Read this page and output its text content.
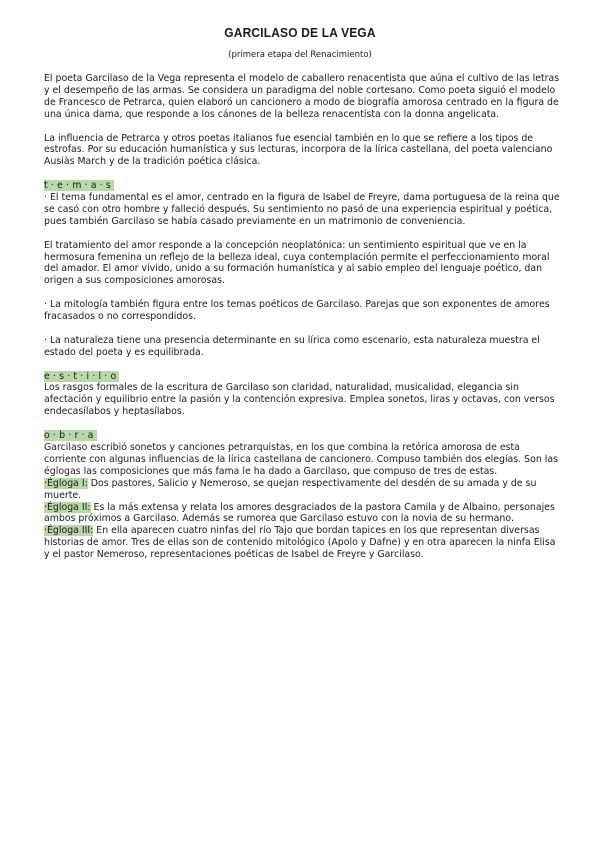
GARCILASO DE LA VEGA
(primera etapa del Renacimiento)

El poeta Garcilaso de la Vega representa el modelo de caballero renacentista que aúna el cultivo de las letras y el desempeño de las armas. Se considera un paradigma del noble cortesano. Como poeta siguió el modelo de Francesco de Petrarca, quien elaboró un cancionero a modo de biografía amorosa centrado en la figura de una única dama, que responde a los cánones de la belleza renacentista con la donna angelicata.

La influencia de Petrarca y otros poetas italianos fue esencial también en lo que se refiere a los tipos de estrofas. Por su educación humanística y sus lecturas, incorpora de la lírica castellana, del poeta valenciano Ausiàs March y de la tradición poética clásica.

t·e·m·a·s

· El tema fundamental es el amor, centrado en la figura de Isabel de Freyre, dama portuguesa de la reina que se casó con otro hombre y falleció después. Su sentimiento no pasó de una experiencia espiritual y poética, pues también Garcilaso se había casado previamente en un matrimonio de conveniencia.

El tratamiento del amor responde a la concepción neoplatónica: un sentimiento espiritual que ve en la hermosura femenina un reflejo de la belleza ideal, cuya contemplación permite el perfeccionamiento moral del amador. El amor vivido, unido a su formación humanística y al sabio empleo del lenguaje poético, dan origen a sus composiciones amorosas.

· La mitología también figura entre los temas poéticos de Garcilaso. Parejas que son exponentes de amores fracasados o no correspondidos.

· La naturaleza tiene una presencia determinante en su lírica como escenario, esta naturaleza muestra el estado del poeta y es equilibrada.

e·s·t·i·l·o

Los rasgos formales de la escritura de Garcilaso son claridad, naturalidad, musicalidad, elegancia sin afectación y equilibrio entre la pasión y la contención expresiva. Emplea sonetos, liras y octavas, con versos endecasílabos y heptasílabos.

o·b·r·a

Garcilaso escribió sonetos y canciones petrarquistas, en los que combina la retórica amorosa de esta corriente con algunas influencias de la lírica castellana de cancionero. Compuso también dos elegías. Son las églogas las composiciones que más fama le ha dado a Garcilaso, que compuso de tres de estas.

·Égloga I: Dos pastores, Salicio y Nemeroso, se quejan respectivamente del desdén de su amada y de su muerte.

·Égloga II: Es la más extensa y relata los amores desgraciados de la pastora Camila y de Albaino, personajes ambos próximos a Garcilaso. Además se rumorea que Garcilaso estuvo con la novia de su hermano.

·Égloga III: En ella aparecen cuatro ninfas del río Tajo que bordan tapices en los que representan diversas historias de amor. Tres de ellas son de contenido mitológico (Apolo y Dafne) y en otra aparecen la ninfa Elisa y el pastor Nemeroso, representaciones poéticas de Isabel de Freyre y Garcilaso.
